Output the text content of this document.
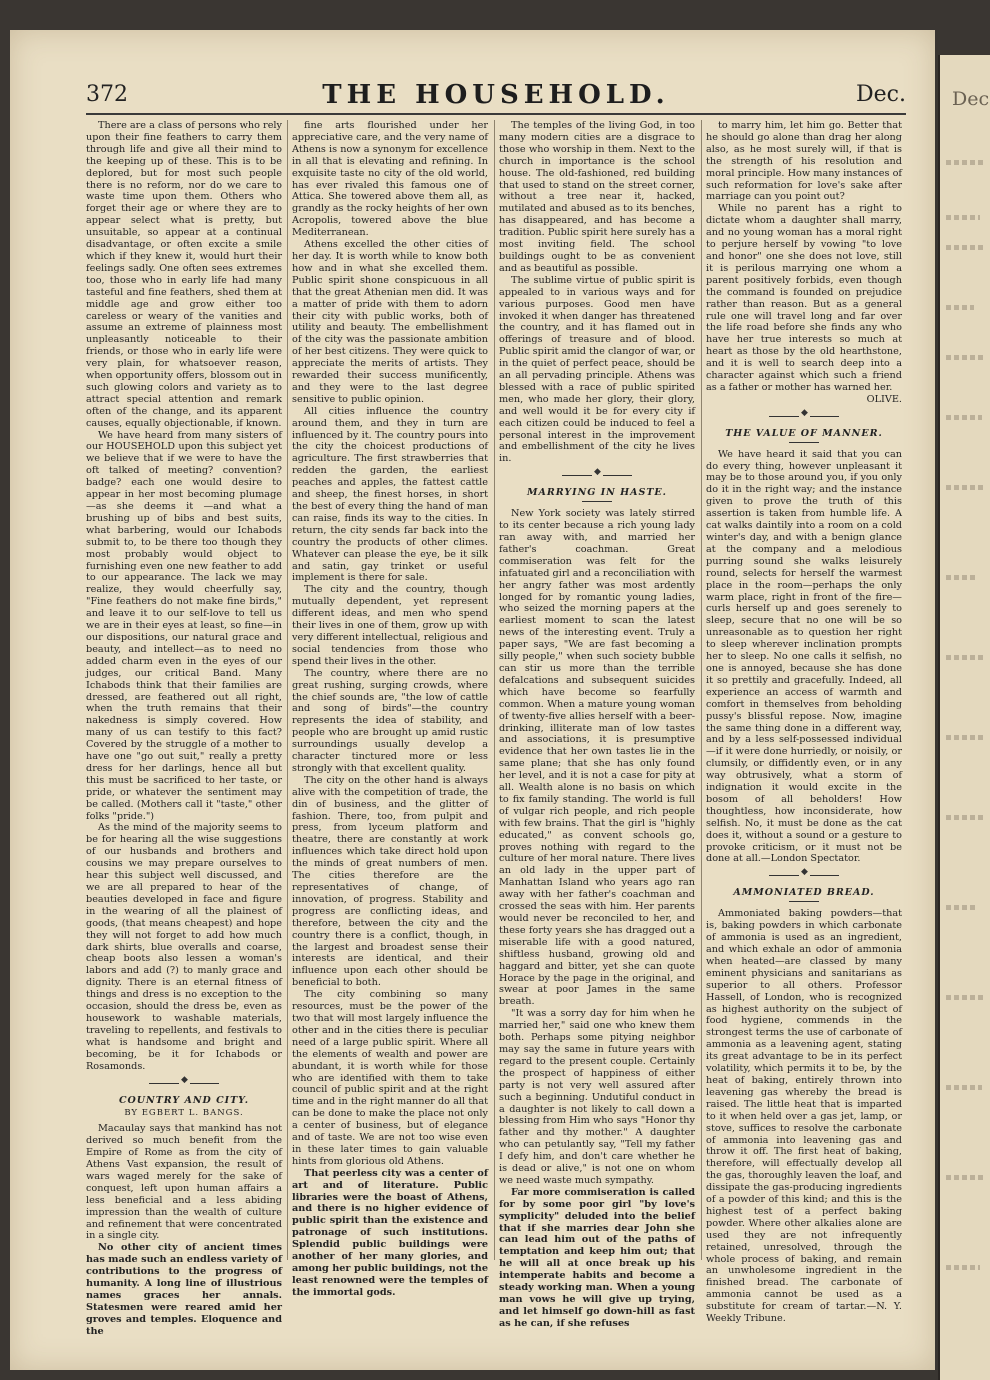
Dec
372	THE HOUSEHOLD.	Dec.

There are a class of persons who rely upon their fine feathers to carry them through life and give all their mind to the keeping up of these. This is to be deplored, but for most such people there is no reform, nor do we care to waste time upon them. Others who forget their age or where they are to appear select what is pretty, but unsuitable, so appear at a continual disadvantage, or often excite a smile which if they knew it, would hurt their feelings sadly. One often sees extremes too, those who in early life had many tasteful and fine feathers, shed them at middle age and grow either too careless or weary of the vanities and assume an extreme of plainness most unpleasantly noticeable to their friends, or those who in early life were very plain, for whatsoever reason, when opportunity offers, blossom out in such glowing colors and variety as to attract special attention and remark often of the change, and its apparent causes, equally objectionable, if known.

We have heard from many sisters of our HOUSEHOLD upon this subject yet we believe that if we were to have the oft talked of meeting? convention? badge? each one would desire to appear in her most becoming plumage—as she deems it —and what a brushing up of bibs and best suits, what barbering, would our Ichabods submit to, to be there too though they most probably would object to furnishing even one new feather to add to our appearance. The lack we may realize, they would cheerfully say, "Fine feathers do not make fine birds," and leave it to our self-love to tell us we are in their eyes at least, so fine—in our dispositions, our natural grace and beauty, and intellect—as to need no added charm even in the eyes of our judges, our critical Band. Many Ichabods think that their families are dressed, are feathered out all right, when the truth remains that their nakedness is simply covered. How many of us can testify to this fact? Covered by the struggle of a mother to have one "go out suit," really a pretty dress for her darlings, hence all but this must be sacrificed to her taste, or pride, or whatever the sentiment may be called. (Mothers call it "taste," other folks "pride.")

As the mind of the majority seems to be for hearing all the wise suggestions of our husbands and brothers and cousins we may prepare ourselves to hear this subject well discussed, and we are all prepared to hear of the beauties developed in face and figure in the wearing of all the plainest of goods, (that means cheapest) and hope they will not forget to add how much dark shirts, blue overalls and coarse, cheap boots also lessen a woman's labors and add (?) to manly grace and dignity. There is an eternal fitness of things and dress is no exception to the occasion, should the dress be, even as housework to washable materials, traveling to repellents, and festivals to what is handsome and bright and becoming, be it for Ichabods or Rosamonds.

◆
COUNTRY AND CITY.
BY EGBERT L. BANGS.

Macaulay says that mankind has not derived so much benefit from the Empire of Rome as from the city of Athens Vast expansion, the result of wars waged merely for the sake of conquest, left upon human affairs a less beneficial and a less abiding impression than the wealth of culture and refinement that were concentrated in a single city.

No other city of ancient times has made such an endless variety of contributions to the progress of humanity. A long line of illustrious names graces her annals. Statesmen were reared amid her groves and temples. Eloquence and the

fine arts flourished under her appreciative care, and the very name of Athens is now a synonym for excellence in all that is elevating and refining. In exquisite taste no city of the old world, has ever rivaled this famous one of Attica. She towered above them all, as grandly as the rocky heights of her own Acropolis, towered above the blue Mediterranean.

Athens excelled the other cities of her day. It is worth while to know both how and in what she excelled them. Public spirit shone conspicuous in all that the great Athenian men did. It was a matter of pride with them to adorn their city with public works, both of utility and beauty. The embellishment of the city was the passionate ambition of her best citizens. They were quick to appreciate the merits of artists. They rewarded their success munificently, and they were to the last degree sensitive to public opinion.

All cities influence the country around them, and they in turn are influenced by it. The country pours into the city the choicest productions of agriculture. The first strawberries that redden the garden, the earliest peaches and apples, the fattest cattle and sheep, the finest horses, in short the best of every thing the hand of man can raise, finds its way to the cities. In return, the city sends far back into the country the products of other climes. Whatever can please the eye, be it silk and satin, gay trinket or useful implement is there for sale.

The city and the country, though mutually dependent, yet represent different ideas, and men who spend their lives in one of them, grow up with very different intellectual, religious and social tendencies from those who spend their lives in the other.

The country, where there are no great rushing, surging crowds, where the chief sounds are, "the low of cattle and song of birds"—the country represents the idea of stability, and people who are brought up amid rustic surroundings usually develop a character tinctured more or less strongly with that excellent quality.

The city on the other hand is always alive with the competition of trade, the din of business, and the glitter of fashion. There, too, from pulpit and press, from lyceum platform and theatre, there are constantly at work influences which take direct hold upon the minds of great numbers of men. The cities therefore are the representatives of change, of innovation, of progress. Stability and progress are conflicting ideas, and therefore, between the city and the country there is a conflict, though, in the largest and broadest sense their interests are identical, and their influence upon each other should be beneficial to both.

The city combining so many resources, must be the power of the two that will most largely influence the other and in the cities there is peculiar need of a large public spirit. Where all the elements of wealth and power are abundant, it is worth while for those who are identified with them to take council of public spirit and at the right time and in the right manner do all that can be done to make the place not only a center of business, but of elegance and of taste. We are not too wise even in these later times to gain valuable hints from glorious old Athens.

That peerless city was a center of art and of literature. Public libraries were the boast of Athens, and there is no higher evidence of public spirit than the existence and patronage of such institutions. Splendid public buildings were another of her many glories, and among her public buildings, not the least renowned were the temples of the immortal gods.

The temples of the living God, in too many modern cities are a disgrace to those who worship in them. Next to the church in importance is the school house. The old-fashioned, red building that used to stand on the street corner, without a tree near it, hacked, mutilated and abused as to its benches, has disappeared, and has become a tradition. Public spirit here surely has a most inviting field. The school buildings ought to be as convenient and as beautiful as possible.

The sublime virtue of public spirit is appealed to in various ways and for various purposes. Good men have invoked it when danger has threatened the country, and it has flamed out in offerings of treasure and of blood. Public spirit amid the clangor of war, or in the quiet of perfect peace, should be an all pervading principle. Athens was blessed with a race of public spirited men, who made her glory, their glory, and well would it be for every city if each citizen could be induced to feel a personal interest in the improvement and embellishment of the city he lives in.

◆
MARRYING IN HASTE.

New York society was lately stirred to its center because a rich young lady ran away with, and married her father's coachman. Great commiseration was felt for the infatuated girl and a reconciliation with her angry father was most ardently longed for by romantic young ladies, who seized the morning papers at the earliest moment to scan the latest news of the interesting event. Truly a paper says, "We are fast becoming a silly people," when such society bubble can stir us more than the terrible defalcations and subsequent suicides which have become so fearfully common. When a mature young woman of twenty-five allies herself with a beer-drinking, illiterate man of low tastes and associations, it is presumptive evidence that her own tastes lie in the same plane; that she has only found her level, and it is not a case for pity at all. Wealth alone is no basis on which to fix family standing. The world is full of vulgar rich people, and rich people with few brains. That the girl is "highly educated," as convent schools go, proves nothing with regard to the culture of her moral nature. There lives an old lady in the upper part of Manhattan Island who years ago ran away with her father's coachman and crossed the seas with him. Her parents would never be reconciled to her, and these forty years she has dragged out a miserable life with a good natured, shiftless husband, growing old and haggard and bitter, yet she can quote Horace by the page in the original, and swear at poor James in the same breath.

"It was a sorry day for him when he married her," said one who knew them both. Perhaps some pitying neighbor may say the same in future years with regard to the present couple. Certainly the prospect of happiness of either party is not very well assured after such a beginning. Undutiful conduct in a daughter is not likely to call down a blessing from Him who says "Honor thy father and thy mother." A daughter who can petulantly say, "Tell my father I defy him, and don't care whether he is dead or alive," is not one on whom we need waste much sympathy.

Far more commiseration is called for by some poor girl "by love's symplicity" deluded into the belief that if she marries dear John she can lead him out of the paths of temptation and keep him out; that he will all at once break up his intemperate habits and become a steady working man. When a young man vows he will give up trying, and let himself go down-hill as fast as he can, if she refuses

to marry him, let him go. Better that he should go alone than drag her along also, as he most surely will, if that is the strength of his resolution and moral principle. How many instances of such reformation for love's sake after marriage can you point out?

While no parent has a right to dictate whom a daughter shall marry, and no young woman has a moral right to perjure herself by vowing "to love and honor" one she does not love, still it is perilous marrying one whom a parent positively forbids, even though the command is founded on prejudice rather than reason. But as a general rule one will travel long and far over the life road before she finds any who have her true interests so much at heart as those by the old hearthstone, and it is well to search deep into a character against which such a friend as a father or mother has warned her.

OLIVE.

◆
THE VALUE OF MANNER.

We have heard it said that you can do every thing, however unpleasant it may be to those around you, if you only do it in the right way; and the instance given to prove the truth of this assertion is taken from humble life. A cat walks daintily into a room on a cold winter's day, and with a benign glance at the company and a melodious purring sound she walks leisurely round, selects for herself the warmest place in the room—perhaps the only warm place, right in front of the fire—curls herself up and goes serenely to sleep, secure that no one will be so unreasonable as to question her right to sleep wherever inclination prompts her to sleep. No one calls it selfish, no one is annoyed, because she has done it so prettily and gracefully. Indeed, all experience an access of warmth and comfort in themselves from beholding pussy's blissful repose. Now, imagine the same thing done in a different way, and by a less self-possessed individual—if it were done hurriedly, or noisily, or clumsily, or diffidently even, or in any way obtrusively, what a storm of indignation it would excite in the bosom of all beholders! How thoughtless, how inconsiderate, how selfish. No, it must be done as the cat does it, without a sound or a gesture to provoke criticism, or it must not be done at all.—London Spectator.

◆
AMMONIATED BREAD.

Ammoniated baking powders—that is, baking powders in which carbonate of ammonia is used as an ingredient, and which exhale an odor of ammonia when heated—are classed by many eminent physicians and sanitarians as superior to all others. Professor Hassell, of London, who is recognized as highest authority on the subject of food hygiene, commends in the strongest terms the use of carbonate of ammonia as a leavening agent, stating its great advantage to be in its perfect volatility, which permits it to be, by the heat of baking, entirely thrown into leavening gas whereby the bread is raised. The little heat that is imparted to it when held over a gas jet, lamp, or stove, suffices to resolve the carbonate of ammonia into leavening gas and throw it off. The first heat of baking, therefore, will effectually develop all the gas, thoroughly leaven the loaf, and dissipate the gas-producing ingredients of a powder of this kind; and this is the highest test of a perfect baking powder. Where other alkalies alone are used they are not infrequently retained, unresolved, through the whole process of baking, and remain an unwholesome ingredient in the finished bread. The carbonate of ammonia cannot be used as a substitute for cream of tartar.—N. Y. Weekly Tribune.
